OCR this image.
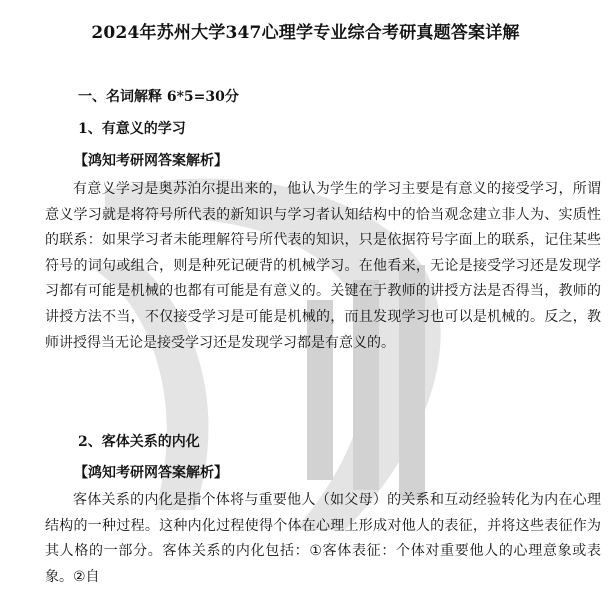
2024年苏州大学347心理学专业综合考研真题答案详解
一、名词解释 6*5=30分
1、有意义的学习
【鸿知考研网答案解析】
有意义学习是奥苏泊尔提出来的，他认为学生的学习主要是有意义的接受学习，所谓意义学习就是将符号所代表的新知识与学习者认知结构中的恰当观念建立非人为、实质性的联系：如果学习者未能理解符号所代表的知识，只是依据符号字面上的联系，记住某些符号的词句或组合，则是种死记硬背的机械学习。在他看来，无论是接受学习还是发现学习都有可能是机械的也都有可能是有意义的。关键在于教师的讲授方法是否得当，教师的讲授方法不当，不仅接受学习是可能是机械的，而且发现学习也可以是机械的。反之，教师讲授得当无论是接受学习还是发现学习都是有意义的。
2、客体关系的内化
【鸿知考研网答案解析】
客体关系的内化是指个体将与重要他人（如父母）的关系和互动经验转化为内在心理结构的一种过程。这种内化过程使得个体在心理上形成对他人的表征，并将这些表征作为其人格的一部分。客体关系的内化包括：①客体表征：个体对重要他人的心理意象或表象。②自
